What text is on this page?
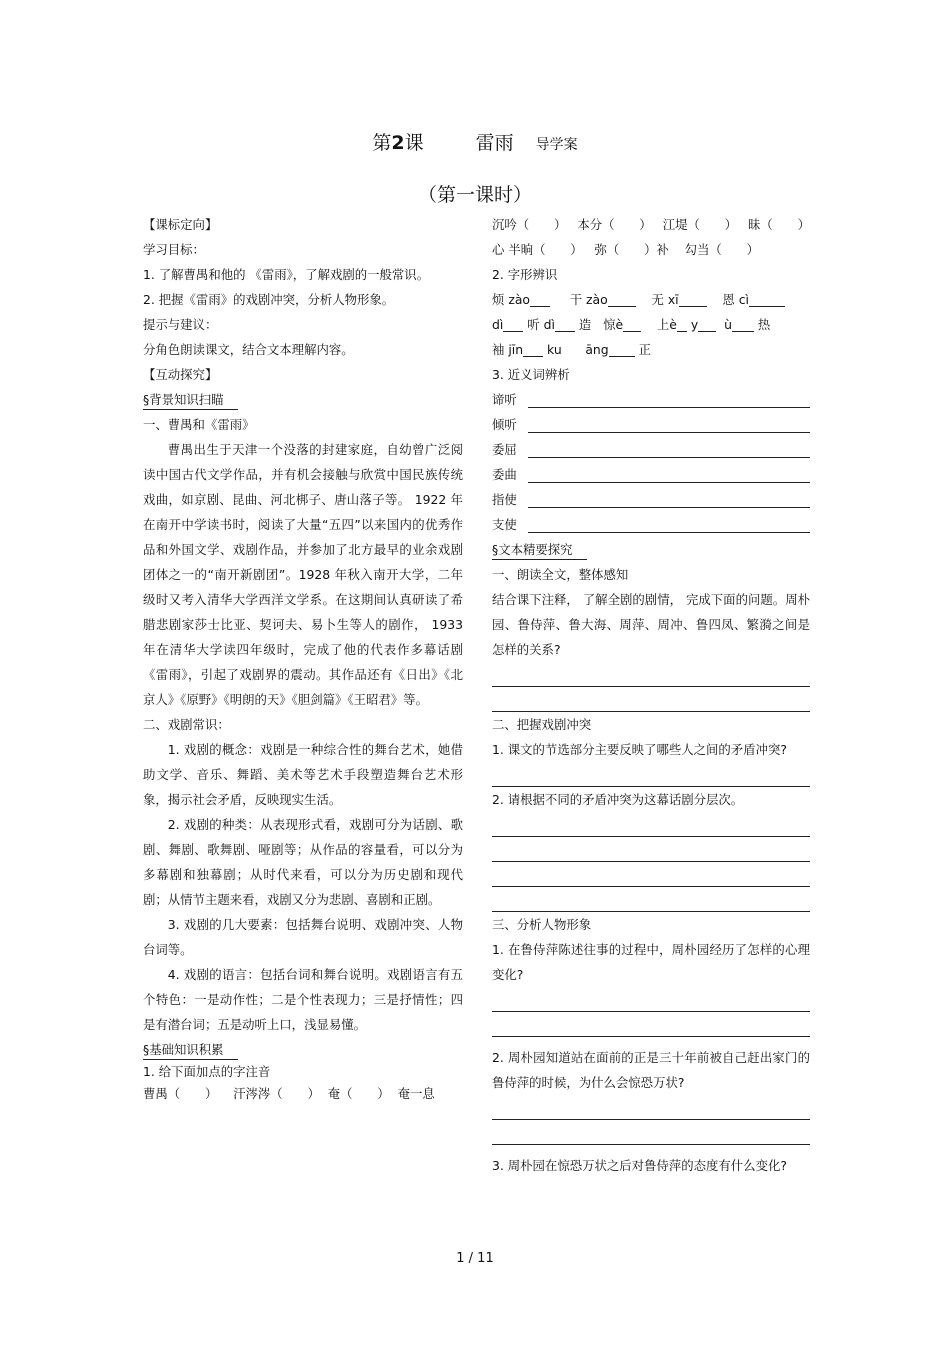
第2课	雷雨 导学案
（第一课时）
【课标定向】
学习目标：
1. 了解曹禺和他的 《雷雨》，了解戏剧的一般常识。
2. 把握《雷雨》的戏剧冲突，分析人物形象。
提示与建议：
分角色朗读课文，结合文本理解内容。
【互动探究】
§背景知识扫瞄
一、曹禺和《雷雨》
曹禺出生于天津一个没落的封建家庭，自幼曾广泛阅读中国古代文学作品，并有机会接触与欣赏中国民族传统戏曲，如京剧、昆曲、河北梆子、唐山落子等。 1922 年在南开中学读书时，阅读了大量“五四”以来国内的优秀作品和外国文学、戏剧作品，并参加了北方最早的业余戏剧团体之一的“南开新剧团”。1928 年秋入南开大学，二年级时又考入清华大学西洋文学系。在这期间认真研读了希腊悲剧家莎士比亚、契诃夫、易卜生等人的剧作， 1933 年在清华大学读四年级时，完成了他的代表作多幕话剧《雷雨》，引起了戏剧界的震动。其作品还有《日出》《北京人》《原野》《明朗的天》《胆剑篇》《王昭君》等。
二、戏剧常识：
1. 戏剧的概念：戏剧是一种综合性的舞台艺术，她借助文学、音乐、舞蹈、美术等艺术手段塑造舞台艺术形象，揭示社会矛盾，反映现实生活。
2. 戏剧的种类：从表现形式看，戏剧可分为话剧、歌剧、舞剧、歌舞剧、哑剧等；从作品的容量看，可以分为多幕剧和独幕剧；从时代来看，可以分为历史剧和现代剧；从情节主题来看，戏剧又分为悲剧、喜剧和正剧。
3. 戏剧的几大要素：包括舞台说明、戏剧冲突、人物台词等。
4. 戏剧的语言：包括台词和舞台说明。戏剧语言有五个特色：一是动作性；二是个性表现力；三是抒情性；四是有潜台词；五是动听上口，浅显易懂。
§基础知识积累
1. 给下面加点的字注音
曹禺（　　） 汗涔涔（　　） 奄（　　） 奄一息
沉吟（　　） 本分（　　） 江堤（　　） 昧（　　）
心 半晌（　　） 弥（　　）补 勾当（　　）
2. 字形辨识
烦 zào	干 zào	无 xī	恩 cì
dì 听 dì 造 惊è	上è y ù 热
袖 jīn ku āng 正
3. 近义词辨析
谛听
倾听
委屈
委曲
指使
支使
§文本精要探究
一、朗读全文，整体感知
结合课下注释， 了解全剧的剧情， 完成下面的问题。周朴园、鲁侍萍、鲁大海、周萍、周冲、鲁四凤、繁漪之间是怎样的关系?
二、把握戏剧冲突
1. 课文的节选部分主要反映了哪些人之间的矛盾冲突?
2. 请根据不同的矛盾冲突为这幕话剧分层次。
三、分析人物形象
1. 在鲁侍萍陈述往事的过程中，周朴园经历了怎样的心理变化?
2. 周朴园知道站在面前的正是三十年前被自己赶出家门的鲁侍萍的时候，为什么会惊恐万状?
3. 周朴园在惊恐万状之后对鲁侍萍的态度有什么变化?
1 / 11
